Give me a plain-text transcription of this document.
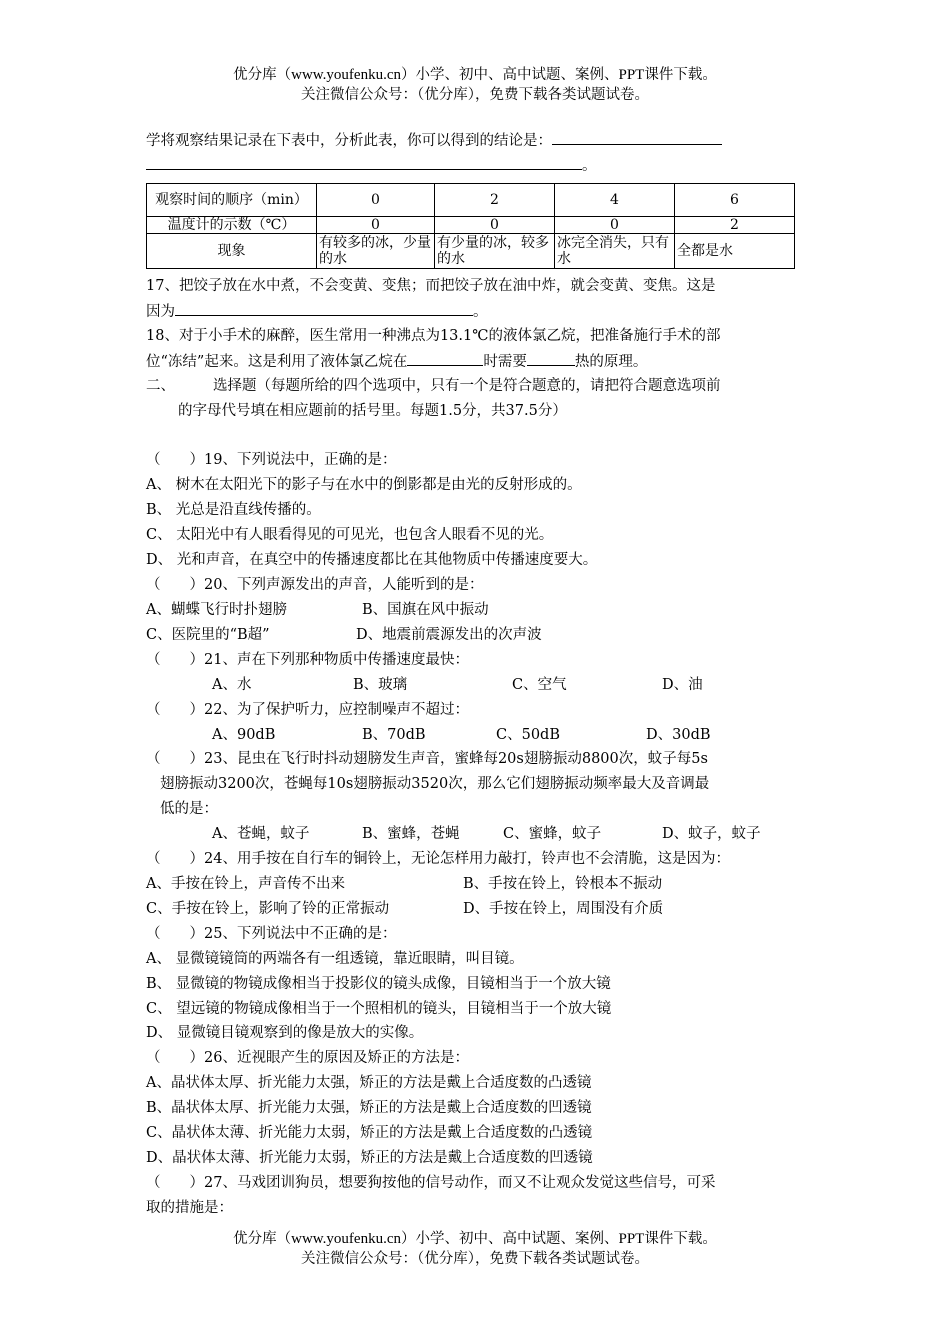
优分库（www.youfenku.cn）小学、初中、高中试题、案例、PPT课件下载。
关注微信公众号：（优分库），免费下载各类试题试卷。
学将观察结果记录在下表中，分析此表，你可以得到的结论是：
。
观察时间的顺序（min）	0	2	4	6
温度计的示数（℃）	0	0	0	2
现象	有较多的冰，少量的水	有少量的冰，较多的水	冰完全消失，只有水	全都是水
17、把饺子放在水中煮，不会变黄、变焦；而把饺子放在油中炸，就会变黄、变焦。这是
因为	。
18、对于小手术的麻醉，医生常用一种沸点为13.1℃的液体氯乙烷，把准备施行手术的部
位“冻结”起来。这是利用了液体氯乙烷在	时需要	热的原理。
二、	选择题（每题所给的四个选项中，只有一个是符合题意的，请把符合题意选项前
的字母代号填在相应题前的括号里。每题1.5分，共37.5分）
（　　）19、下列说法中，正确的是：
A、 树木在太阳光下的影子与在水中的倒影都是由光的反射形成的。
B、 光总是沿直线传播的。
C、 太阳光中有人眼看得见的可见光，也包含人眼看不见的光。
D、 光和声音，在真空中的传播速度都比在其他物质中传播速度要大。
（　　）20、下列声源发出的声音，人能听到的是：
A、蝴蝶飞行时扑翅膀	B、国旗在风中振动
C、医院里的“B超”	D、地震前震源发出的次声波
（　　）21、声在下列那种物质中传播速度最快：
A、水	B、玻璃	C、空气	D、油
（　　）22、为了保护听力，应控制噪声不超过：
A、90dB	B、70dB	C、50dB	D、30dB
（　　）23、昆虫在飞行时抖动翅膀发生声音，蜜蜂每20s翅膀振动8800次，蚊子每5s
翅膀振动3200次，苍蝇每10s翅膀振动3520次，那么它们翅膀振动频率最大及音调最
低的是：
A、苍蝇，蚊子	B、蜜蜂，苍蝇	C、蜜蜂，蚊子	D、蚊子，蚊子
（　　）24、用手按在自行车的铜铃上，无论怎样用力敲打，铃声也不会清脆，这是因为：
A、手按在铃上，声音传不出来	B、手按在铃上，铃根本不振动
C、手按在铃上，影响了铃的正常振动	D、手按在铃上，周围没有介质
（　　）25、下列说法中不正确的是：
A、 显微镜镜筒的两端各有一组透镜，靠近眼睛，叫目镜。
B、 显微镜的物镜成像相当于投影仪的镜头成像，目镜相当于一个放大镜
C、 望远镜的物镜成像相当于一个照相机的镜头，目镜相当于一个放大镜
D、 显微镜目镜观察到的像是放大的实像。
（　　）26、近视眼产生的原因及矫正的方法是：
A、晶状体太厚、折光能力太强，矫正的方法是戴上合适度数的凸透镜
B、晶状体太厚、折光能力太强，矫正的方法是戴上合适度数的凹透镜
C、晶状体太薄、折光能力太弱，矫正的方法是戴上合适度数的凸透镜
D、晶状体太薄、折光能力太弱，矫正的方法是戴上合适度数的凹透镜
（　　）27、马戏团训狗员，想要狗按他的信号动作，而又不让观众发觉这些信号，可采
取的措施是：
优分库（www.youfenku.cn）小学、初中、高中试题、案例、PPT课件下载。
关注微信公众号：（优分库），免费下载各类试题试卷。
